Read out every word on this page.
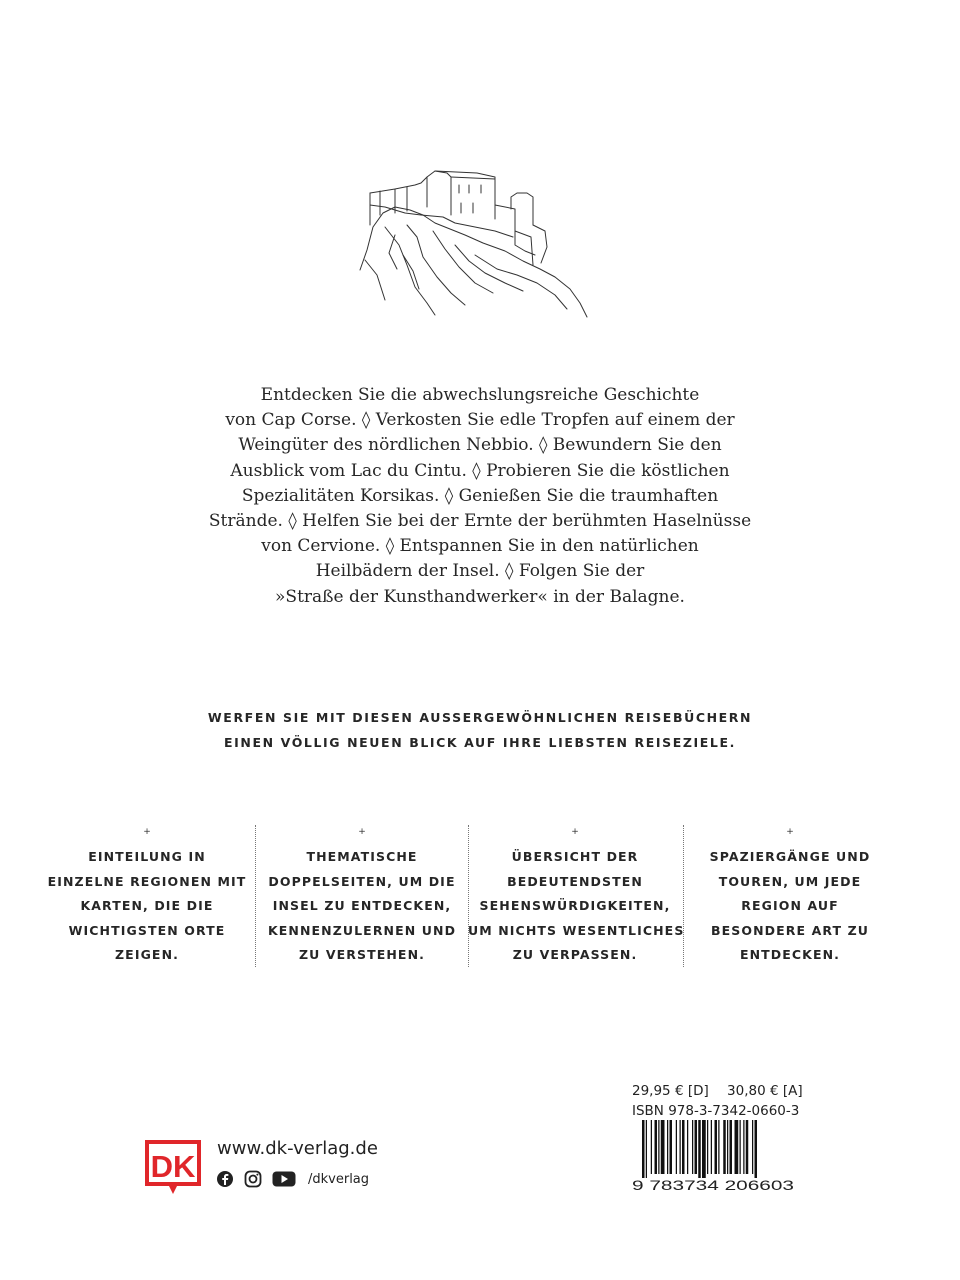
Entdecken Sie die abwechslungsreiche Geschichte
von Cap Corse. ◊ Verkosten Sie edle Tropfen auf einem der
Weingüter des nördlichen Nebbio. ◊ Bewundern Sie den
Ausblick vom Lac du Cintu. ◊ Probieren Sie die köstlichen
Spezialitäten Korsikas. ◊ Genießen Sie die traumhaften
Strände. ◊ Helfen Sie bei der Ernte der berühmten Haselnüsse
von Cervione. ◊ Entspannen Sie in den natürlichen
Heilbädern der Insel. ◊ Folgen Sie der
»Straße der Kunsthandwerker« in der Balagne.
WERFEN SIE MIT DIESEN AUSSERGEWÖHNLICHEN REISEBÜCHERN
EINEN VÖLLIG NEUEN BLICK AUF IHRE LIEBSTEN REISEZIELE.
+
EINTEILUNG IN
EINZELNE REGIONEN MIT
KARTEN, DIE DIE
WICHTIGSTEN ORTE
ZEIGEN.
+
THEMATISCHE
DOPPELSEITEN, UM DIE
INSEL ZU ENTDECKEN,
KENNENZULERNEN UND
ZU VERSTEHEN.
+
ÜBERSICHT DER
BEDEUTENDSTEN
SEHENSWÜRDIGKEITEN,
UM NICHTS WESENTLICHES
ZU VERPASSEN.
+
SPAZIERGÄNGE UND
TOUREN, UM JEDE
REGION AUF
BESONDERE ART ZU
ENTDECKEN.
DK
www.dk-verlag.de
/dkverlag
29,95 € [D] 30,80 € [A]
ISBN 978-3-7342-0660-3
9 783734 206603
